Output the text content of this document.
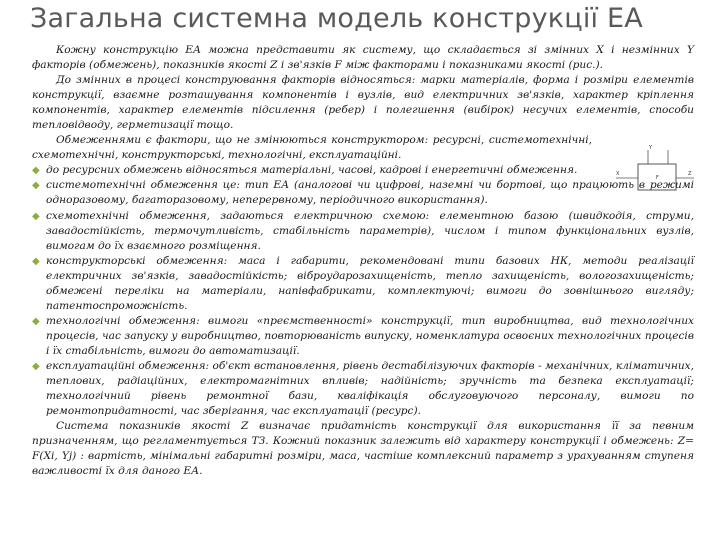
Загальна системна модель конструкції ЕА

Кожну конструкцію ЕА можна представити як систему, що складається зі змінних X і незмінних Y факторів (обмежень), показників якості Z і зв'язків F між факторами і показниками якості (рис.).

До змінних в процесі конструювання факторів відносяться: марки матеріалів, форма і розміри елементів конструкції, взаємне розташування компонентів і вузлів, вид електричних зв'язків, характер кріплення компонентів, характер елементів підсилення (ребер) і полегшення (вибірок) несучих елементів, способи тепловідводу, герметизації тощо.

Обмеженнями є фактори, що не змінюються конструктором: ресурсні, системотехнічні, схемотехнічні, конструкторські, технологічні, експлуатаційні.

◆ до ресурсних обмежень відносяться матеріальні, часові, кадрові і енергетичні обмеження.

◆ системотехнічні обмеження це: тип ЕА (аналогові чи цифрові, наземні чи бортові, що працюють в режимі одноразовому, багаторазовому, неперервному, періодичного використання).

◆ схемотехнічні обмеження, задаються електричною схемою: елементною базою (швидкодія, струми, завадостійкість, термочутливість, стабільність параметрів), числом і типом функціональних вузлів, вимогам до їх взаємного розміщення.

◆ конструкторські обмеження: маса і габарити, рекомендовані типи базових НК, методи реалізації електричних зв'язків, завадостійкість; віброударозахищеність, тепло захищеність, вологозахищеність; обмежені переліки на матеріали, напівфабрикати, комплектуючі; вимоги до зовнішнього вигляду; патентоспроможність.

◆ технологічні обмеження: вимоги «преємственності» конструкції, тип виробництва, вид технологічних процесів, час запуску у виробництво, повторюваність випуску, номенклатура освоєних технологічних процесів і їх стабільність, вимоги до автоматизації.

◆ експлуатаційні обмеження: об'єкт встановлення, рівень дестабілізуючих факторів - механічних, кліматичних, теплових, радіаційних, електромагнітних впливів; надійність; зручність та безпека експлуатації; технологічний рівень ремонтної бази, кваліфікація обслуговуючого персоналу, вимоги по ремонтопридатності, час зберігання, час експлуатації (ресурс).

Система показників якості Z визначає придатність конструкції для використання її за певним призначенням, що регламентується ТЗ. Кожний показник залежить від характеру конструкції і обмежень: Z= F(Xi, Yj) : вартість, мінімальні габаритні розміри, маса, частіше комплексний параметр з урахуванням ступеня важливості їх для даного ЕА.

Y
X
F
Z
